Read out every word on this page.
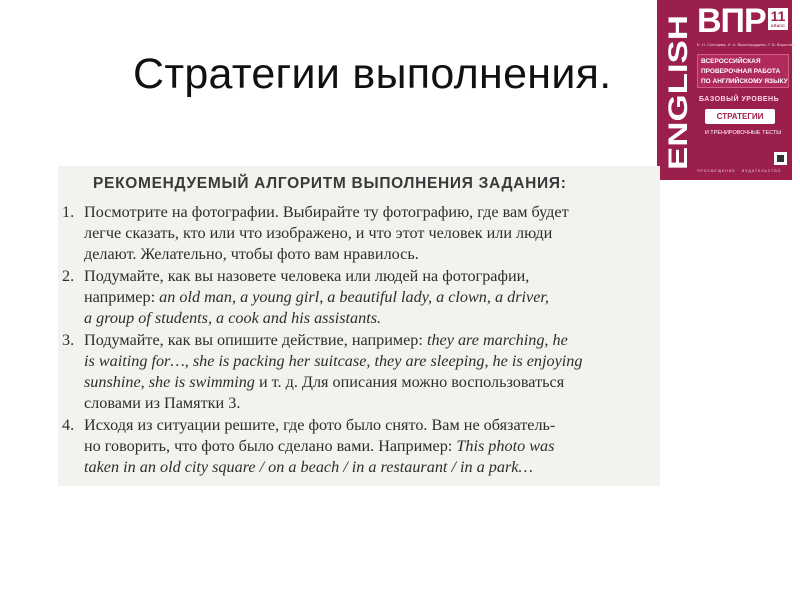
Стратегии выполнения. ENGLISH
ВПР 11
КЛАСС
Е. Н. Солнцева, Н. А. Вышеградцева, Т. В. Воронова
ВСЕРОССИЙСКАЯ
ПРОВЕРОЧНАЯ РАБОТА
ПО АНГЛИЙСКОМУ ЯЗЫКУ
БАЗОВЫЙ УРОВЕНЬ
СТРАТЕГИИ
И ТРЕНИРОВОЧНЫЕ ТЕСТЫ
ПРОСВЕЩЕНИЕ · ИЗДАТЕЛЬСТВО
РЕКОМЕНДУЕМЫЙ АЛГОРИТМ ВЫПОЛНЕНИЯ ЗАДАНИЯ:
1. Посмотрите на фотографии. Выбирайте ту фотографию, где вам будет
легче сказать, кто или что изображено, и что этот человек или люди
делают. Желательно, чтобы фото вам нравилось.
2. Подумайте, как вы назовете человека или людей на фотографии,
например: an old man, a young girl, a beautiful lady, a clown, a driver,
a group of students, a cook and his assistants.
3. Подумайте, как вы опишите действие, например: they are marching, he
is waiting for…, she is packing her suitcase, they are sleeping, he is enjoying
sunshine, she is swimming и т. д. Для описания можно воспользоваться
словами из Памятки 3.
4. Исходя из ситуации решите, где фото было снято. Вам не обязатель-
но говорить, что фото было сделано вами. Например: This photo was
taken in an old city square / on a beach / in a restaurant / in a park…
